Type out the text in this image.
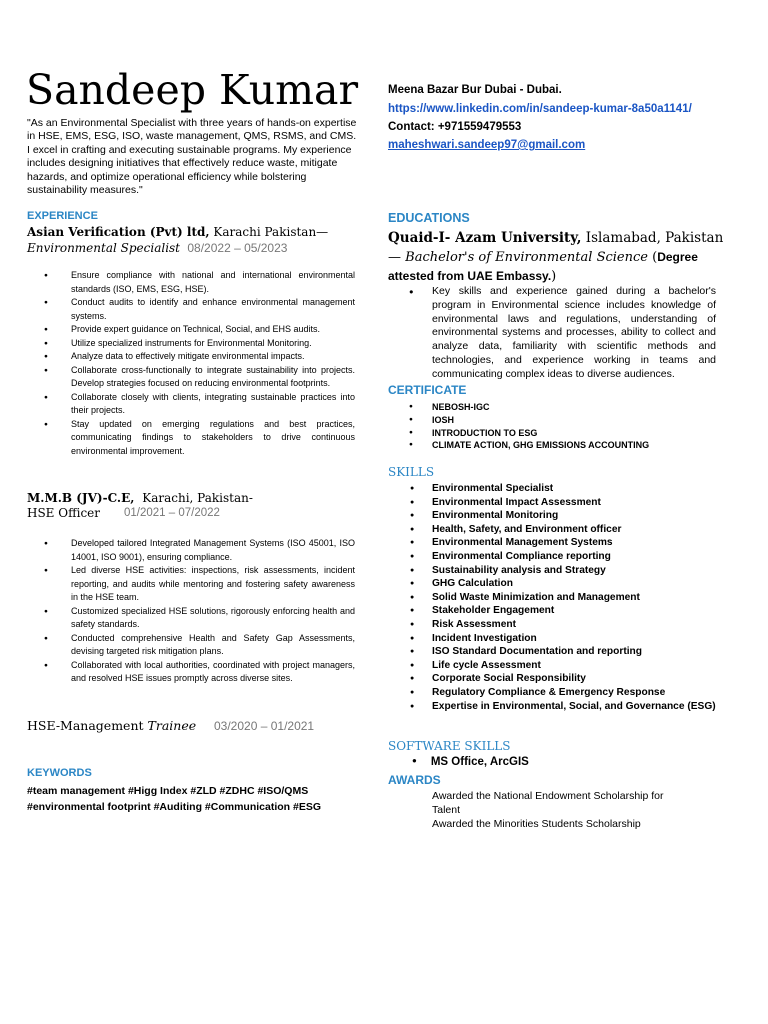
Sandeep Kumar
"As an Environmental Specialist with three years of hands-on expertise in HSE, EMS, ESG, ISO, waste management, QMS, RSMS, and CMS. I excel in crafting and executing sustainable programs. My experience includes designing initiatives that effectively reduce waste, mitigate hazards, and optimize operational efficiency while bolstering sustainability measures."
Meena Bazar Bur Dubai - Dubai.
https://www.linkedin.com/in/sandeep-kumar-8a50a1141/
Contact: +971559479553
maheshwari.sandeep97@gmail.com
EXPERIENCE
Asian Verification (Pvt) ltd, Karachi Pakistan—
Environmental Specialist 08/2022 – 05/2023
● Ensure compliance with national and international environmental standards (ISO, EMS, ESG, HSE).
● Conduct audits to identify and enhance environmental management systems.
● Provide expert guidance on Technical, Social, and EHS audits.
● Utilize specialized instruments for Environmental Monitoring.
● Analyze data to effectively mitigate environmental impacts.
● Collaborate cross-functionally to integrate sustainability into projects. Develop strategies focused on reducing environmental footprints.
● Collaborate closely with clients, integrating sustainable practices into their projects.
● Stay updated on emerging regulations and best practices, communicating findings to stakeholders to drive continuous environmental improvement.
M.M.B (JV)-C.E, Karachi, Pakistan-
HSE Officer 01/2021 – 07/2022
● Developed tailored Integrated Management Systems (ISO 45001, ISO 14001, ISO 9001), ensuring compliance.
● Led diverse HSE activities: inspections, risk assessments, incident reporting, and audits while mentoring and fostering safety awareness in the HSE team.
● Customized specialized HSE solutions, rigorously enforcing health and safety standards.
● Conducted comprehensive Health and Safety Gap Assessments, devising targeted risk mitigation plans.
● Collaborated with local authorities, coordinated with project managers, and resolved HSE issues promptly across diverse sites.
HSE-Management Trainee 03/2020 – 01/2021
KEYWORDS
#team management #Higg Index #ZLD #ZDHC #ISO/QMS
#environmental footprint #Auditing #Communication #ESG
EDUCATIONS
Quaid-I- Azam University, Islamabad, Pakistan
— Bachelor's of Environmental Science (Degree
attested from UAE Embassy.)
● Key skills and experience gained during a bachelor's program in Environmental science includes knowledge of environmental laws and regulations, understanding of environmental systems and processes, ability to collect and analyze data, familiarity with scientific methods and technologies, and experience working in teams and communicating complex ideas to diverse audiences.
CERTIFICATE
● NEBOSH-IGC
● IOSH
● INTRODUCTION TO ESG
● CLIMATE ACTION, GHG EMISSIONS ACCOUNTING
SKILLS
● Environmental Specialist
● Environmental Impact Assessment
● Environmental Monitoring
● Health, Safety, and Environment officer
● Environmental Management Systems
● Environmental Compliance reporting
● Sustainability analysis and Strategy
● GHG Calculation
● Solid Waste Minimization and Management
● Stakeholder Engagement
● Risk Assessment
● Incident Investigation
● ISO Standard Documentation and reporting
● Life cycle Assessment
● Corporate Social Responsibility
● Regulatory Compliance & Emergency Response
● Expertise in Environmental, Social, and Governance (ESG)
SOFTWARE SKILLS
● MS Office, ArcGIS
AWARDS
Awarded the National Endowment Scholarship for Talent
Awarded the Minorities Students Scholarship
